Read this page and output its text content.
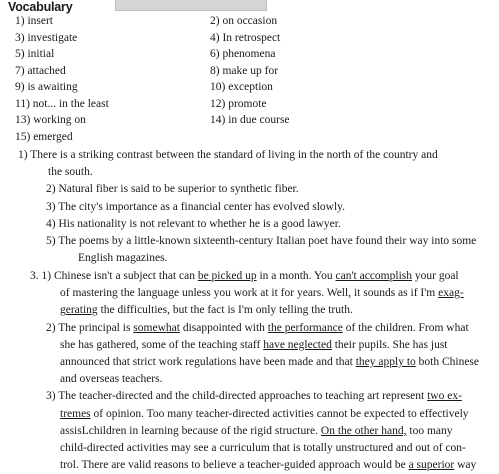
Vocabulary
1) insert	2) on occasion
3) investigate	4) In retrospect
5) initial	6) phenomena
7) attached	8) make up for
9) is awaiting	10) exception
11) not... in the least	12) promote
13) working on	14) in due course
15) emerged

1) There is a striking contrast between the standard of living in the north of the country and

the south.

2) Natural fiber is said to be superior to synthetic fiber.

3) The city's importance as a financial center has evolved slowly.

4) His nationality is not relevant to whether he is a good lawyer.

5) The poems by a little-known sixteenth-century Italian poet have found their way into some

English magazines.

3. 1) Chinese isn't a subject that can be picked up in a month. You can't accomplish your goal

of mastering the language unless you work at it for years. Well, it sounds as if I'm exag-

gerating the difficulties, but the fact is I'm only telling the truth.

2) The principal is somewhat disappointed with the performance of the children. From what

she has gathered, some of the teaching staff have neglected their pupils. She has just

announced that strict work regulations have been made and that they apply to both Chinese

and overseas teachers.

3) The teacher-directed and the child-directed approaches to teaching art represent two ex-

tremes of opinion. Too many teacher-directed activities cannot be expected to effectively

assisLchildren in learning because of the rigid structure. On the other hand, too many

child-directed activities may see a curriculum that is totally unstructured and out of con-

trol. There are valid reasons to believe a teacher-guided approach would be a superior way
